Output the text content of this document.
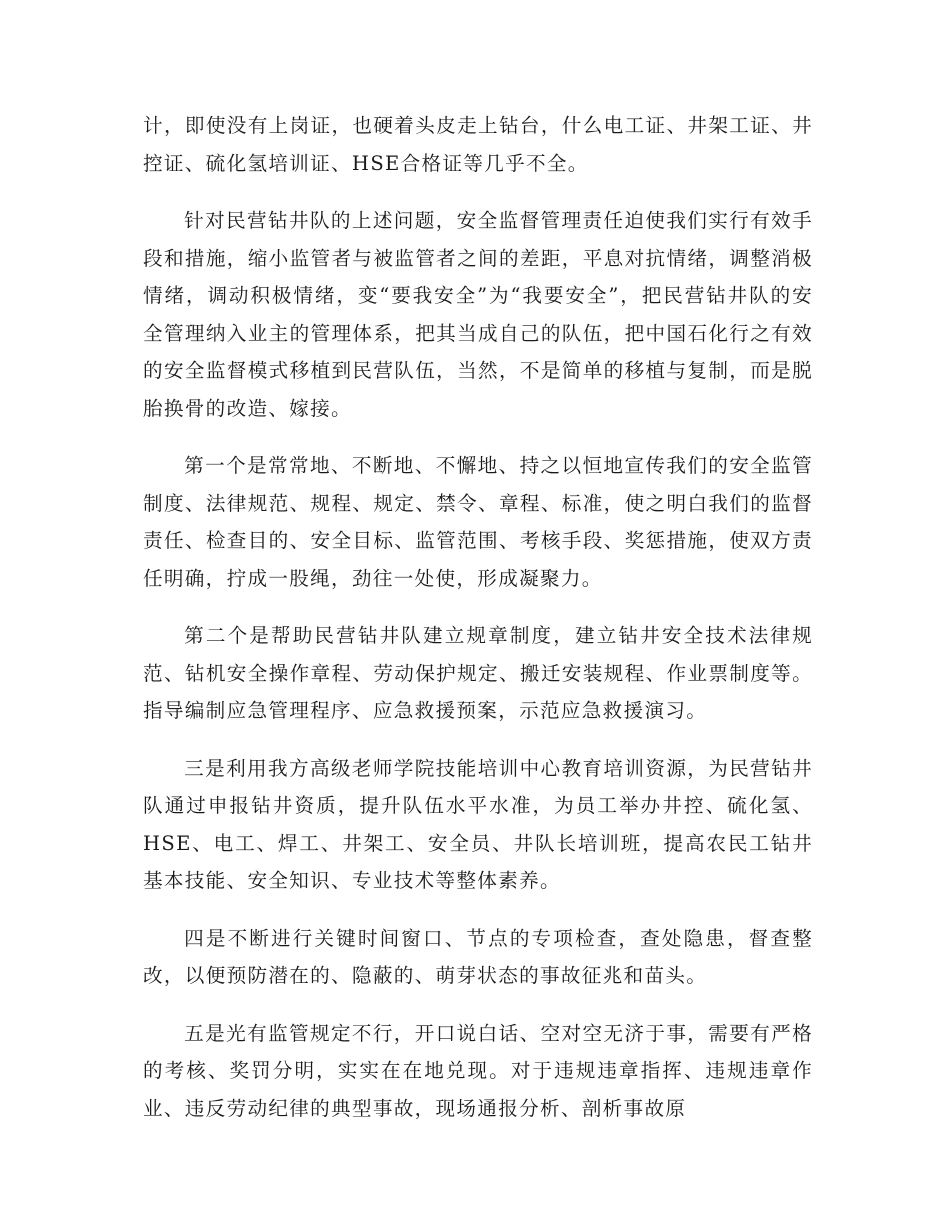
计，即使没有上岗证，也硬着头皮走上钻台，什么电工证、井架工证、井控证、硫化氢培训证、HSE合格证等几乎不全。

针对民营钻井队的上述问题，安全监督管理责任迫使我们实行有效手段和措施，缩小监管者与被监管者之间的差距，平息对抗情绪，调整消极情绪，调动积极情绪，变“要我安全”为“我要安全”，把民营钻井队的安全管理纳入业主的管理体系，把其当成自己的队伍，把中国石化行之有效的安全监督模式移植到民营队伍，当然，不是简单的移植与复制，而是脱胎换骨的改造、嫁接。

第一个是常常地、不断地、不懈地、持之以恒地宣传我们的安全监管制度、法律规范、规程、规定、禁令、章程、标准，使之明白我们的监督责任、检查目的、安全目标、监管范围、考核手段、奖惩措施，使双方责任明确，拧成一股绳，劲往一处使，形成凝聚力。

第二个是帮助民营钻井队建立规章制度，建立钻井安全技术法律规范、钻机安全操作章程、劳动保护规定、搬迁安装规程、作业票制度等。指导编制应急管理程序、应急救援预案，示范应急救援演习。

三是利用我方高级老师学院技能培训中心教育培训资源，为民营钻井队通过申报钻井资质，提升队伍水平水准，为员工举办井控、硫化氢、HSE、电工、焊工、井架工、安全员、井队长培训班，提高农民工钻井基本技能、安全知识、专业技术等整体素养。

四是不断进行关键时间窗口、节点的专项检查，查处隐患，督查整改，以便预防潜在的、隐蔽的、萌芽状态的事故征兆和苗头。

五是光有监管规定不行，开口说白话、空对空无济于事，需要有严格的考核、奖罚分明，实实在在地兑现。对于违规违章指挥、违规违章作业、违反劳动纪律的典型事故，现场通报分析、剖析事故原
